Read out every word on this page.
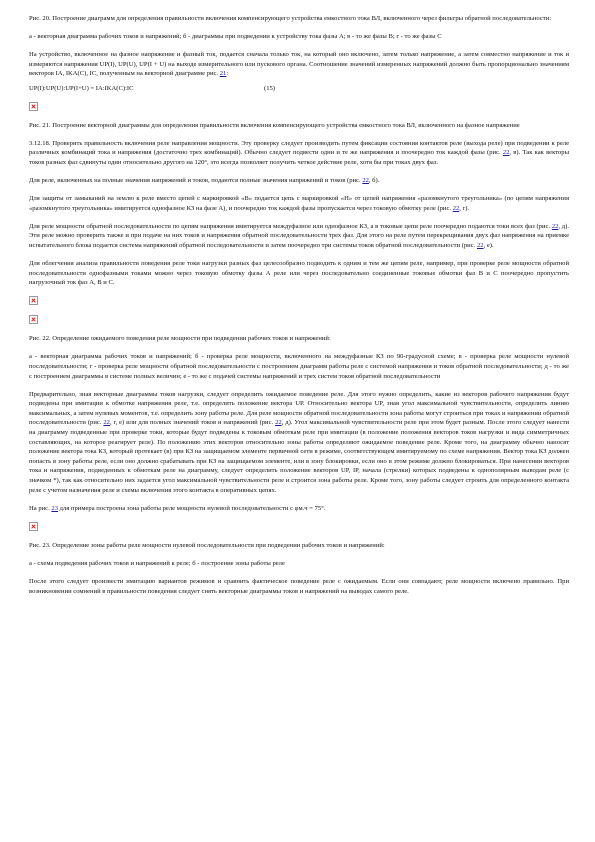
Рис. 20. Построение диаграмм для определения правильности включения компенсирующего устройства емкостного тока ВЛ, включенного через фильтры обратной последовательности:

а - векторная диаграмма рабочих токов и напряжений; б - диаграммы при подведении к устройству тока фазы А; в - то же фазы В; г - то же фазы С

На устройство, включенное на фазное напряжение и фазный ток, подается сначала только ток, на который оно включено, затем только напряжение, а затем совместно напряжение и ток и измеряются напряжения UP(I), UP(U), UP(I + U) на выходе измерительного или пускового органа. Соотношение значений измеренных напряжений должно быть пропорционально значениям векторов IA, IKA(C), IC, полученным на векторной диаграмме рис. 21:

UP(I):UP(U):UP(I+U) = IA:IKA(C):IC	(15)

Рис. 21. Построение векторной диаграммы для определения правильности включения компенсирующего устройства емкостного тока ВЛ, включенного на фазное напряжение

3.12.18. Проверить правильность включения реле направления мощности. Эту проверку следует производить путем фиксации состояния контактов реле (выхода реле) при подведении к реле различных комбинаций тока и напряжения (достаточно трех комбинаций). Обычно следует подвести одни и те же напряжения и поочередно ток каждой фазы (рис. 22, в). Так как векторы токов разных фаз сдвинуты один относительно другого на 120°, это всегда позволяет получить четкое действие реле, хотя бы при токах двух фаз.

Для реле, включенных на полные значения напряжений и токов, подаются полные значения напряжений и токов (рис. 22, б).

Для защиты от замыканий на землю к реле вместо цепей с маркировкой «В» подается цепь с маркировкой «Н» от цепей напряжения «разомкнутого треугольника» (по цепям напряжения «разомкнутого треугольника» имитируется однофазное КЗ на фазе А), и поочередно ток каждой фазы пропускается через токовую обмотку реле (рис. 22, г).

Для реле мощности обратной последовательности по цепям напряжения имитируется междуфазное или однофазное КЗ, а в токовые цепи реле поочередно подаются токи всех фаз (рис. 22, д). Эти реле можно проверить также и при подаче на них токов и напряжения обратной последовательности трех фаз. Для этого на реле путем перекрещивания двух фаз напряжения на приемке испытательного блока подается система напряжений обратной последовательности и затем поочередно три системы токов обратной последовательности (рис. 22, е).

Для облегчения анализа правильности поведения реле токи нагрузки разных фаз целесообразно подводить к одним и тем же цепям реле, например, при проверке реле мощности обратной последовательности однофазными токами можно через токовую обмотку фазы А реле или через последовательно соединенные токовые обмотки фаз В и С поочередно пропустить нагрузочный ток фаз А, В и С.

Рис. 22. Определение ожидаемого поведения реле мощности при подведении рабочих токов и напряжений:

а - векторная диаграмма рабочих токов и напряжений; б - проверка реле мощности, включенного на междуфазные КЗ по 90-градусной схеме; в - проверка реле мощности нулевой последовательности; г - проверка реле мощности обратной последовательности с построением диаграмм работы реле с системой напряжения и токов обратной последовательности; д - то же с построением диаграммы в системе полных величин; е - то же с подачей системы напряжений и трех систем токов обратной последовательности

Предварительно, зная векторные диаграммы токов нагрузки, следует определить ожидаемое поведение реле. Для этого нужно определить, какие из векторов рабочего напряжения будут подведены при имитации к обмотке напряжения реле, т.е. определить положение вектора UP. Относительно вектора UP, зная угол максимальной чувствительности, определить линию максимальных, а затем нулевых моментов, т.е. определить зону работы реле. Для реле мощности обратной последовательности зона работы могут строиться при токах и напряжении обратной последовательности (рис. 22, г, е) или для полных значений токов и напряжений (рис. 22, д). Угол максимальной чувствительности реле при этом будет разным. После этого следует нанести на диаграмму подведенные при проверке токи, которые будут подведены к токовым обмоткам реле при имитации (в положение положения векторов токов нагрузки и вида симметричных составляющих, на которое реагирует реле). По положению этих векторов относительно зоны работы определяют ожидаемое поведение реле. Кроме того, на диаграмму обычно наносят положение вектора тока КЗ, который протекает (в) при КЗ на защищаемом элементе первичной сети в режиме, соответствующем имитируемому по схеме напряжения. Вектор тока КЗ должен попасть в зону работы реле, если оно должно срабатывать при КЗ на защищаемом элементе, или в зону блокировки, если оно в этом режиме должно блокироваться. При нанесении векторов тока и напряжения, подведенных к обмоткам реле на диаграмму, следует определить положение векторов UP, IP, начала (стрелки) которых подведены к однополярным выводам реле (с значком *), так как относительно них задается угол максимальной чувствительности реле и строится зона работы реле. Кроме того, зону работы следует строить для определенного контакта реле с учетом назначения реле и схемы включения этого контакта в оперативных цепях.

На рис. 23 для примера построена зона работы реле мощности нулевой последовательности с φм.ч = 75°.

Рис. 23. Определение зоны работы реле мощности нулевой последовательности при подведении рабочих токов и напряжений:

а - схема подведения рабочих токов и напряжений к реле; б - построение зоны работы реле

После этого следует произвести имитацию вариантов режимов и сравнить фактическое поведение реле с ожидаемым. Если они совпадают, реле мощности включено правильно. При возникновении сомнений в правильности поведения следует снять векторные диаграммы токов и напряжений на выводах самого реле.
